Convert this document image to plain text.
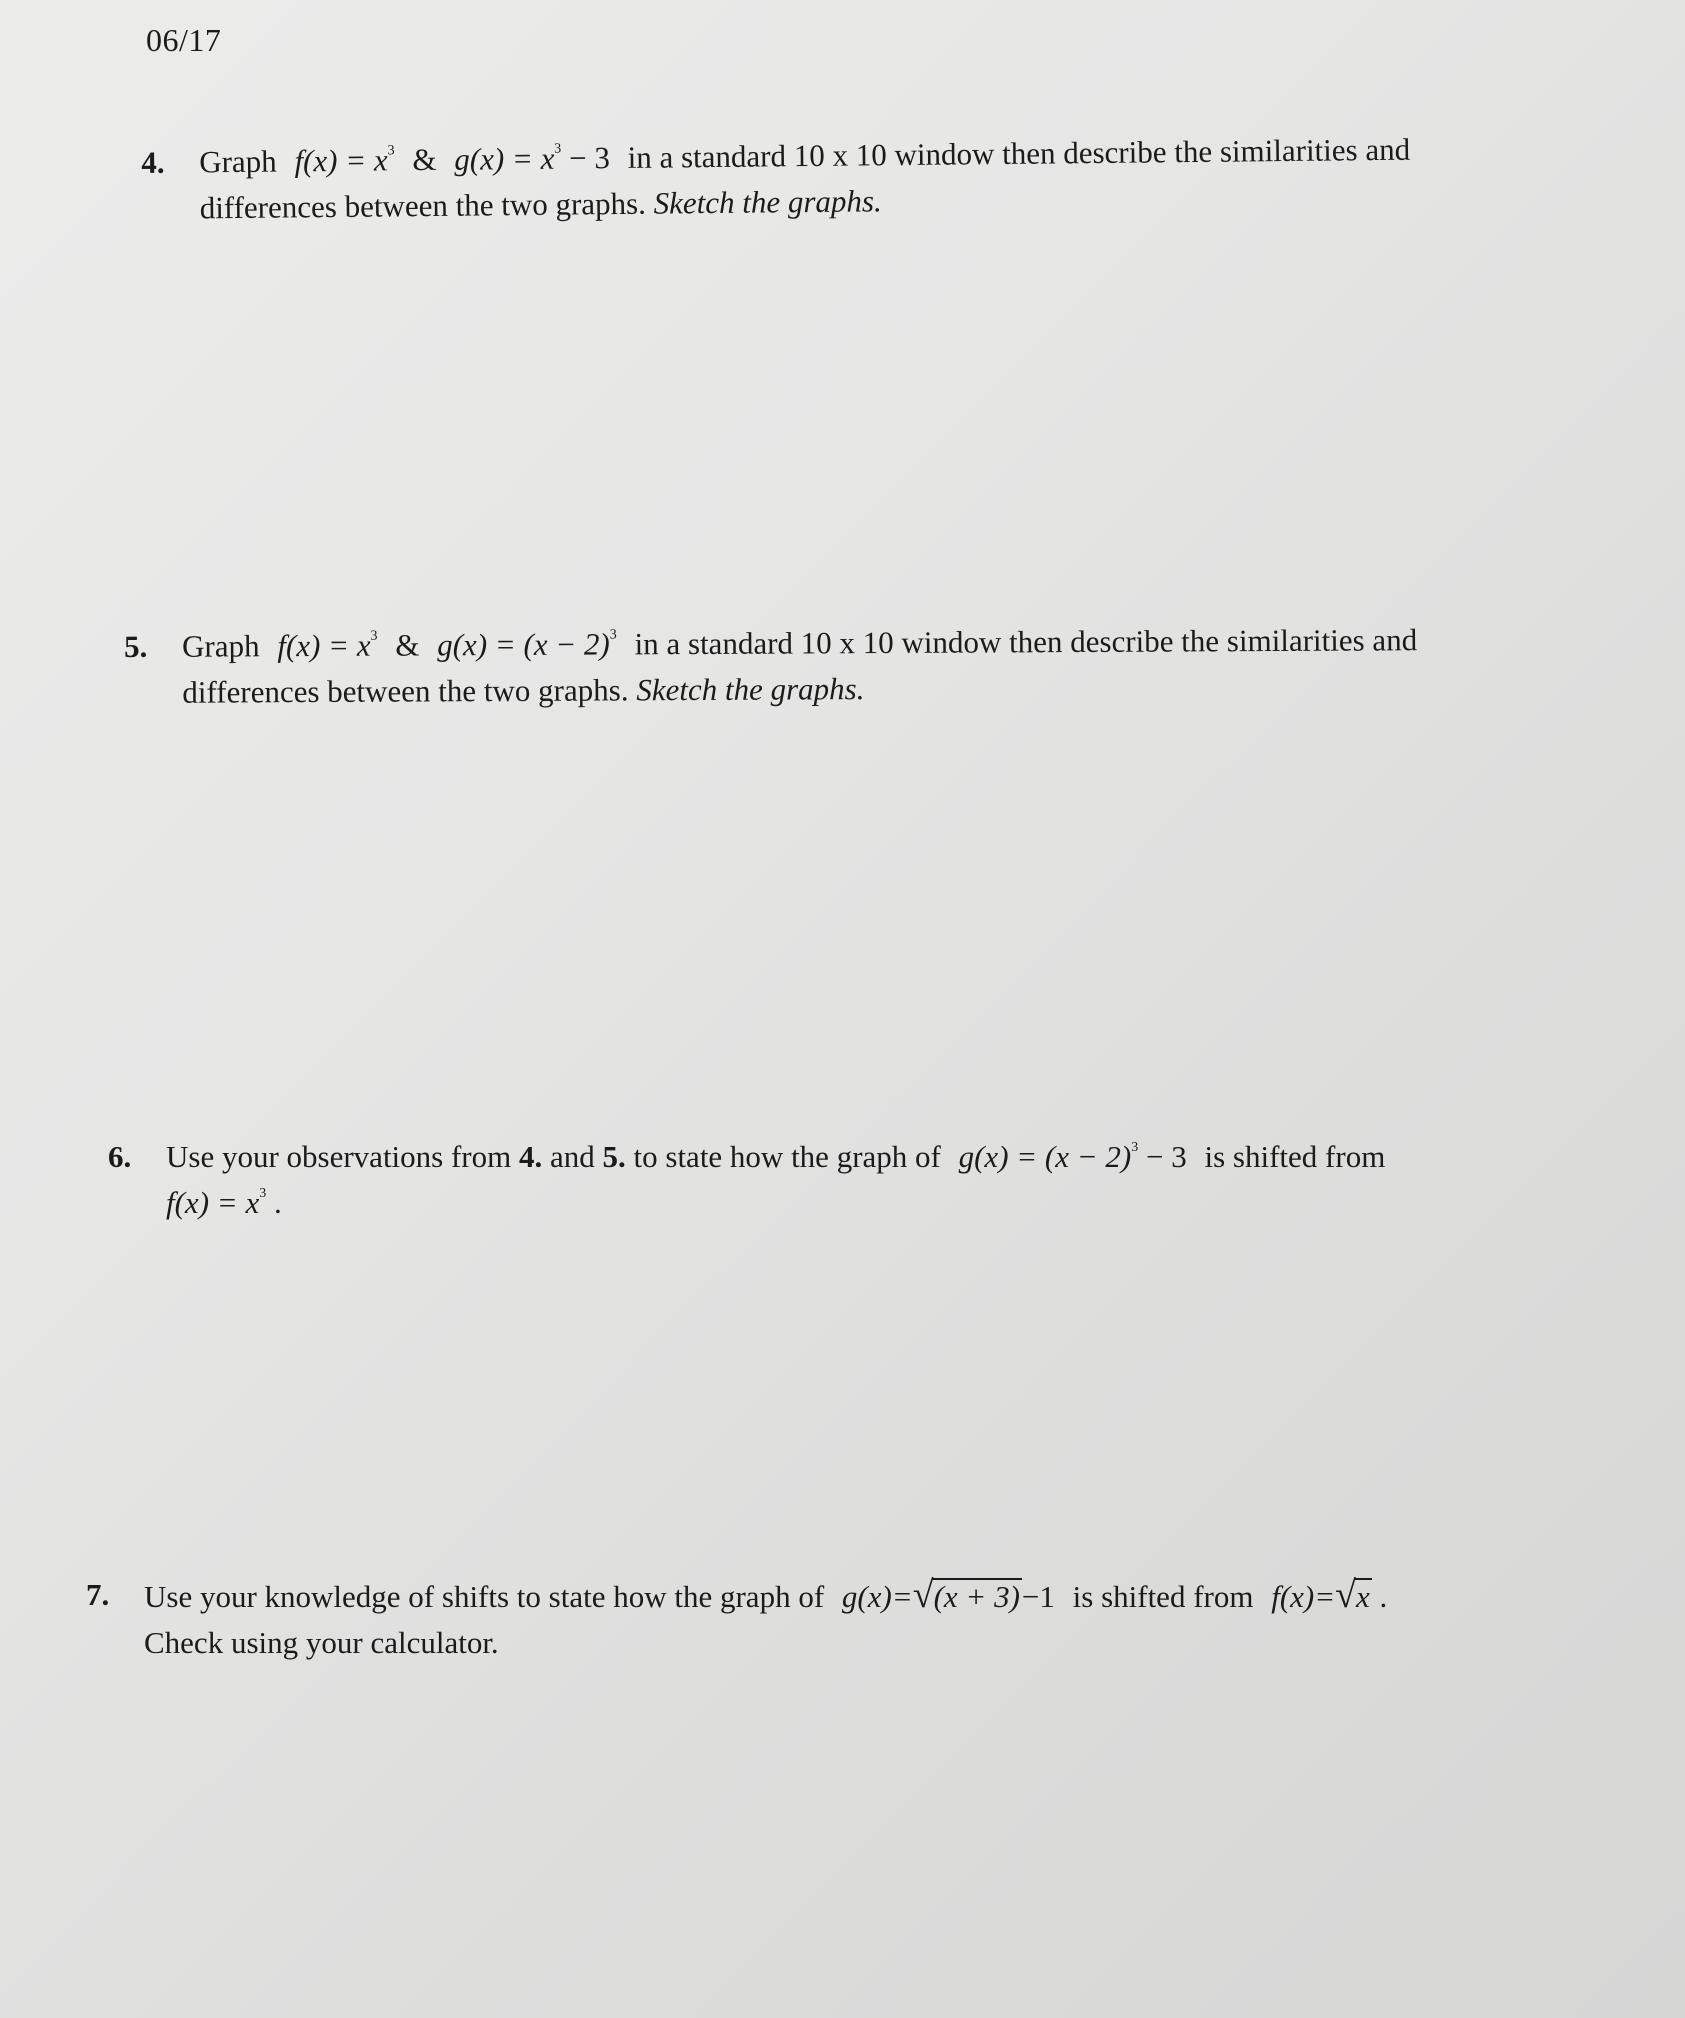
06/17
4. Graph $f(x) = x^3$ & $g(x) = x^3 - 3$ in a standard 10 x 10 window then describe the similarities and
differences between the two graphs. Sketch the graphs.
5. Graph $f(x) = x^3$ & $g(x) = (x - 2)^3$ in a standard 10 x 10 window then describe the similarities and
differences between the two graphs. Sketch the graphs.
6. Use your observations from 4. and 5. to state how the graph of $g(x) = (x - 2)^3 - 3$ is shifted from
$f(x) = x^3$ .
7. Use your knowledge of shifts to state how the graph of g(x)=√(x + 3)−1 is shifted from f(x)=√x .
Check using your calculator.
